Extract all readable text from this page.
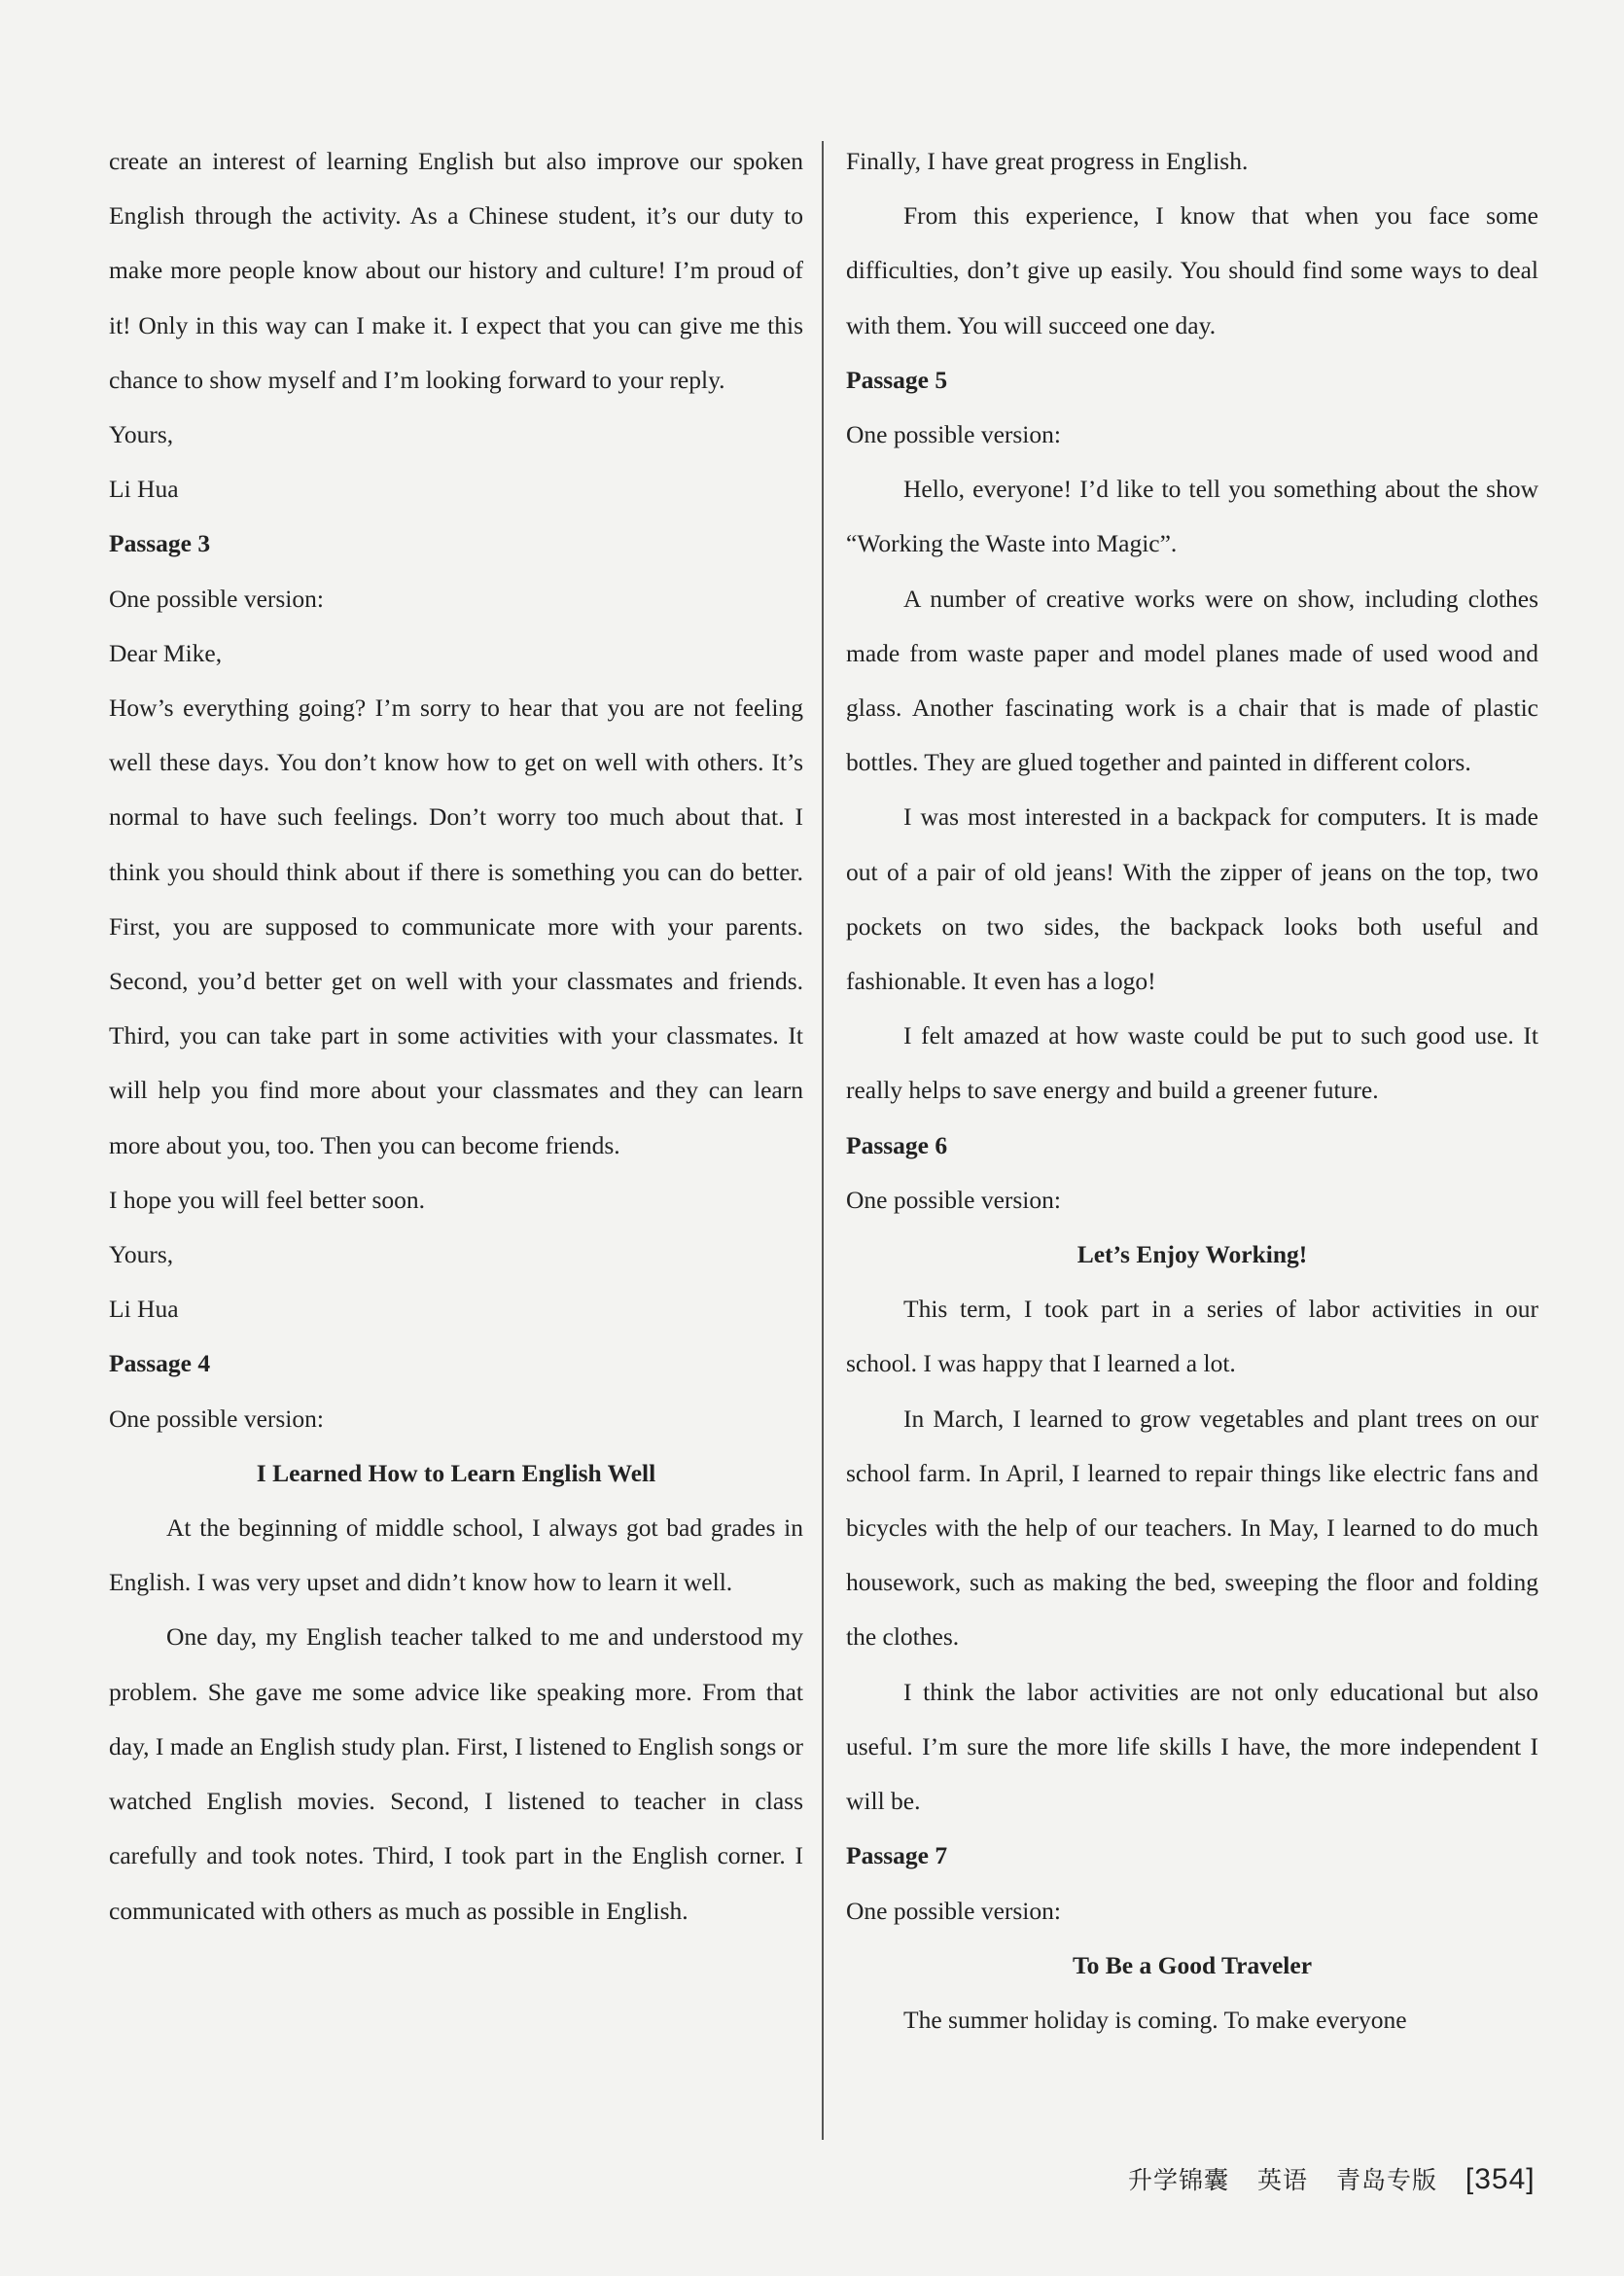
create an interest of learning English but also improve our spoken English through the activity. As a Chinese student, it’s our duty to make more people know about our history and culture! I’m proud of it! Only in this way can I make it. I expect that you can give me this chance to show myself and I’m looking forward to your reply.

Yours,

Li Hua

Passage 3

One possible version:

Dear Mike,

How’s everything going? I’m sorry to hear that you are not feeling well these days. You don’t know how to get on well with others. It’s normal to have such feelings. Don’t worry too much about that. I think you should think about if there is something you can do better. First, you are supposed to communicate more with your parents. Second, you’d better get on well with your classmates and friends. Third, you can take part in some activities with your classmates. It will help you find more about your classmates and they can learn more about you, too. Then you can become friends.

I hope you will feel better soon.

Yours,

Li Hua

Passage 4

One possible version:

I Learned How to Learn English Well

At the beginning of middle school, I always got bad grades in English. I was very upset and didn’t know how to learn it well.

One day, my English teacher talked to me and understood my problem. She gave me some advice like speaking more. From that day, I made an English study plan. First, I listened to English songs or watched English movies. Second, I listened to teacher in class carefully and took notes. Third, I took part in the English corner. I communicated with others as much as possible in English.

Finally, I have great progress in English.

From this experience, I know that when you face some difficulties, don’t give up easily. You should find some ways to deal with them. You will succeed one day.

Passage 5

One possible version:

Hello, everyone! I’d like to tell you something about the show “Working the Waste into Magic”.

A number of creative works were on show, including clothes made from waste paper and model planes made of used wood and glass. Another fascinating work is a chair that is made of plastic bottles. They are glued together and painted in different colors.

I was most interested in a backpack for computers. It is made out of a pair of old jeans! With the zipper of jeans on the top, two pockets on two sides, the backpack looks both useful and fashionable. It even has a logo!

I felt amazed at how waste could be put to such good use. It really helps to save energy and build a greener future.

Passage 6

One possible version:

Let’s Enjoy Working!

This term, I took part in a series of labor activities in our school. I was happy that I learned a lot.

In March, I learned to grow vegetables and plant trees on our school farm. In April, I learned to repair things like electric fans and bicycles with the help of our teachers. In May, I learned to do much housework, such as making the bed, sweeping the floor and folding the clothes.

I think the labor activities are not only educational but also useful. I’m sure the more life skills I have, the more independent I will be.

Passage 7

One possible version:

To Be a Good Traveler

The summer holiday is coming. To make everyone

升学锦囊 英语 青岛专版 [354]
